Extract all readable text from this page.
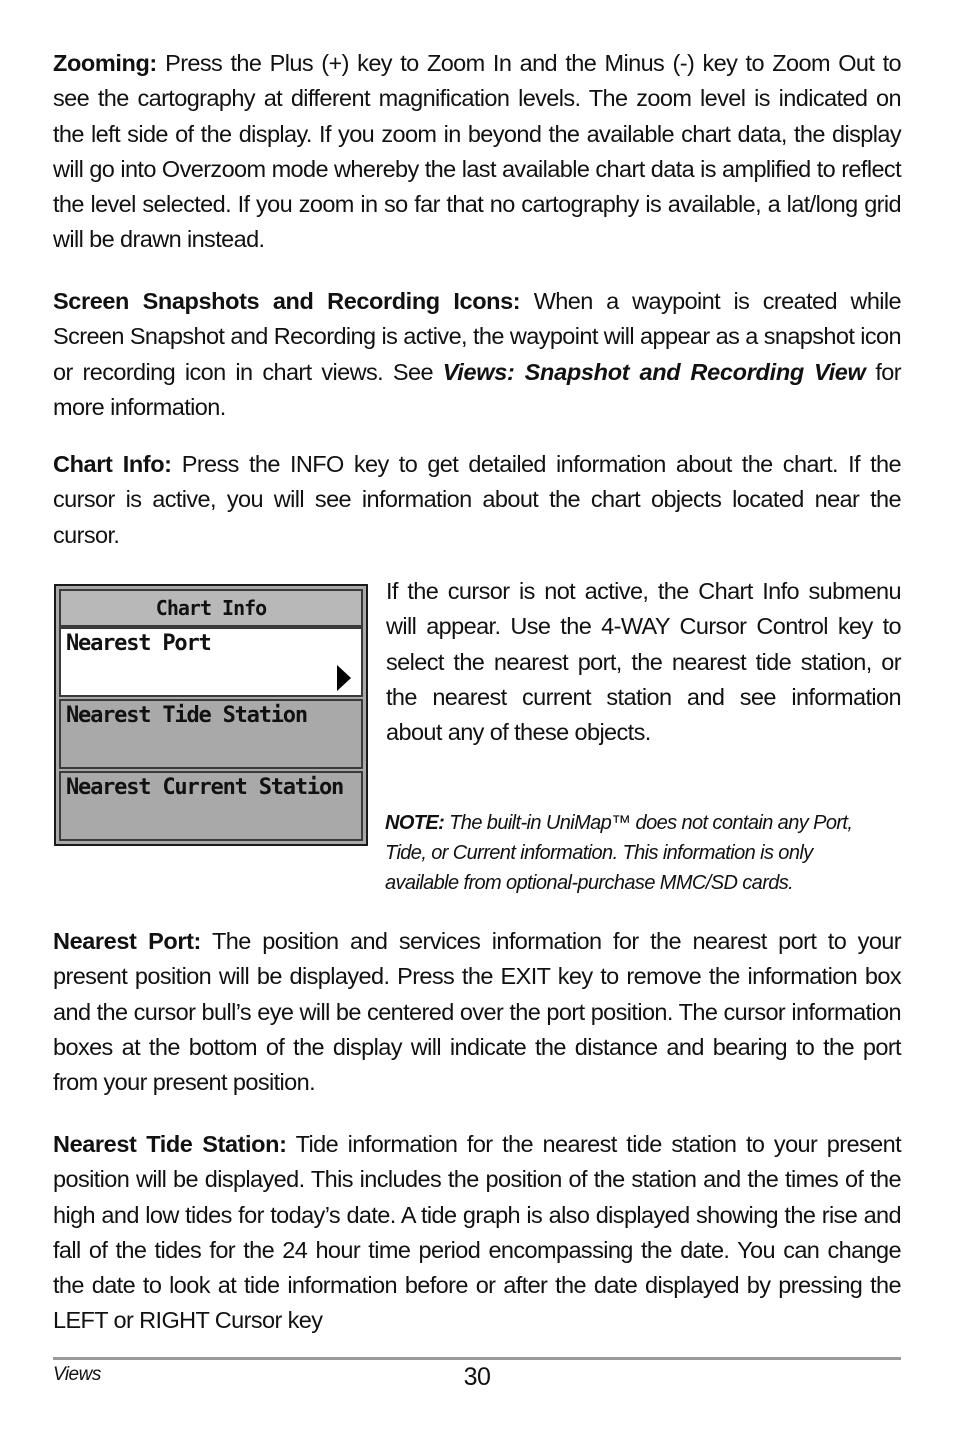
Zooming: Press the Plus (+) key to Zoom In and the Minus (-) key to Zoom Out to see the cartography at different magnification levels. The zoom level is indicated on the left side of the display. If you zoom in beyond the available chart data, the display will go into Overzoom mode whereby the last available chart data is amplified to reflect the level selected. If you zoom in so far that no cartography is available, a lat/long grid will be drawn instead.
Screen Snapshots and Recording Icons: When a waypoint is created while Screen Snapshot and Recording is active, the waypoint will appear as a snapshot icon or recording icon in chart views. See Views: Snapshot and Recording View for more information.
Chart Info: Press the INFO key to get detailed information about the chart. If the cursor is active, you will see information about the chart objects located near the cursor.
Chart Info
Nearest Port
Nearest Tide Station
Nearest Current Station
If the cursor is not active, the Chart Info submenu will appear. Use the 4-WAY Cursor Control key to select the nearest port, the nearest tide station, or the nearest current station and see information about any of these objects.
NOTE: The built-in UniMap™ does not contain any Port, Tide, or Current information. This information is only available from optional-purchase MMC/SD cards.
Nearest Port: The position and services information for the nearest port to your present position will be displayed. Press the EXIT key to remove the information box and the cursor bull’s eye will be centered over the port position. The cursor information boxes at the bottom of the display will indicate the distance and bearing to the port from your present position.
Nearest Tide Station: Tide information for the nearest tide station to your present position will be displayed. This includes the position of the station and the times of the high and low tides for today’s date. A tide graph is also displayed showing the rise and fall of the tides for the 24 hour time period encompassing the date. You can change the date to look at tide information before or after the date displayed by pressing the LEFT or RIGHT Cursor key
Views	30
